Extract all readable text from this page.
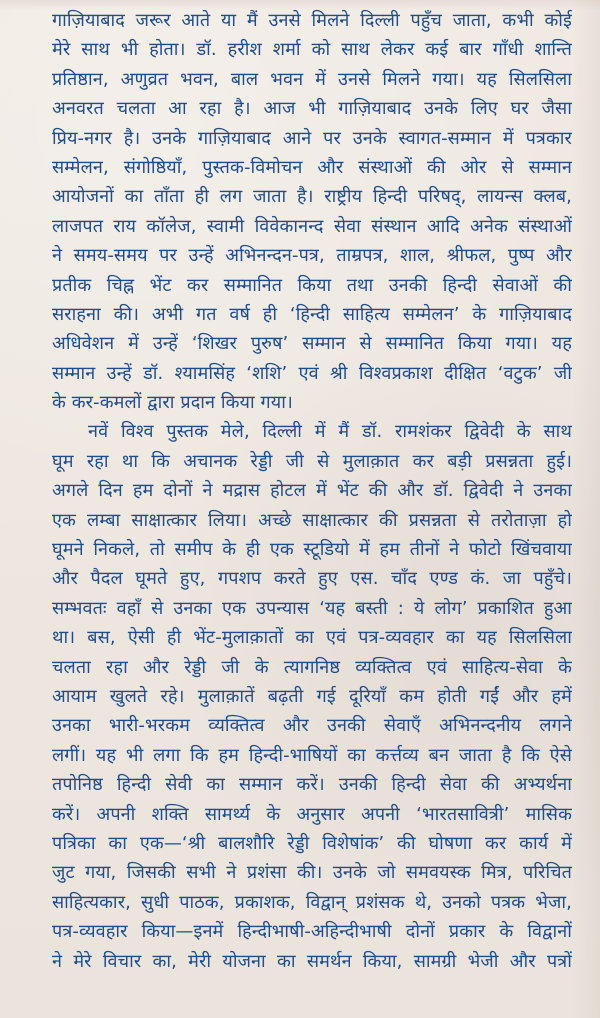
गाज़ियाबाद जरूर आते या मैं उनसे मिलने दिल्ली पहुँच जाता, कभी कोई
मेरे साथ भी होता। डॉ. हरीश शर्मा को साथ लेकर कई बार गाँधी शान्ति
प्रतिष्ठान, अणुव्रत भवन, बाल भवन में उनसे मिलने गया। यह सिलसिला
अनवरत चलता आ रहा है। आज भी गाज़ियाबाद उनके लिए घर जैसा
प्रिय-नगर है। उनके गाज़ियाबाद आने पर उनके स्वागत-सम्मान में पत्रकार
सम्मेलन, संगोष्ठियाँ, पुस्तक-विमोचन और संस्थाओं की ओर से सम्मान
आयोजनों का ताँता ही लग जाता है। राष्ट्रीय हिन्दी परिषद्, लायन्स क्लब,
लाजपत राय कॉलेज, स्वामी विवेकानन्द सेवा संस्थान आदि अनेक संस्थाओं
ने समय-समय पर उन्हें अभिनन्दन-पत्र, ताम्रपत्र, शाल, श्रीफल, पुष्प और
प्रतीक चिह्न भेंट कर सम्मानित किया तथा उनकी हिन्दी सेवाओं की
सराहना की। अभी गत वर्ष ही ‘हिन्दी साहित्य सम्मेलन’ के गाज़ियाबाद
अधिवेशन में उन्हें ‘शिखर पुरुष’ सम्मान से सम्मानित किया गया। यह
सम्मान उन्हें डॉ. श्यामसिंह ‘शशि’ एवं श्री विश्वप्रकाश दीक्षित ‘वटुक’ जी
के कर-कमलों द्वारा प्रदान किया गया।
नवें विश्व पुस्तक मेले, दिल्ली में मैं डॉ. रामशंकर द्विवेदी के साथ
घूम रहा था कि अचानक रेड्डी जी से मुलाक़ात कर बड़ी प्रसन्नता हुई।
अगले दिन हम दोनों ने मद्रास होटल में भेंट की और डॉ. द्विवेदी ने उनका
एक लम्बा साक्षात्कार लिया। अच्छे साक्षात्कार की प्रसन्नता से तरोताज़ा हो
घूमने निकले, तो समीप के ही एक स्टूडियो में हम तीनों ने फोटो खिंचवाया
और पैदल घूमते हुए, गपशप करते हुए एस. चाँद एण्ड कं. जा पहुँचे।
सम्भवतः वहाँ से उनका एक उपन्यास ‘यह बस्ती : ये लोग’ प्रकाशित हुआ
था। बस, ऐसी ही भेंट-मुलाक़ातों का एवं पत्र-व्यवहार का यह सिलसिला
चलता रहा और रेड्डी जी के त्यागनिष्ठ व्यक्तित्व एवं साहित्य-सेवा के
आयाम खुलते रहे। मुलाक़ातें बढ़ती गई दूरियाँ कम होती गईं और हमें
उनका भारी-भरकम व्यक्तित्व और उनकी सेवाएँ अभिनन्दनीय लगने
लगीं। यह भी लगा कि हम हिन्दी-भाषियों का कर्त्तव्य बन जाता है कि ऐसे
तपोनिष्ठ हिन्दी सेवी का सम्मान करें। उनकी हिन्दी सेवा की अभ्यर्थना
करें। अपनी शक्ति सामर्थ्य के अनुसार अपनी ‘भारतसावित्री’ मासिक
पत्रिका का एक—‘श्री बालशौरि रेड्डी विशेषांक’ की घोषणा कर कार्य में
जुट गया, जिसकी सभी ने प्रशंसा की। उनके जो समवयस्क मित्र, परिचित
साहित्यकार, सुधी पाठक, प्रकाशक, विद्वान् प्रशंसक थे, उनको पत्रक भेजा,
पत्र-व्यवहार किया—इनमें हिन्दीभाषी-अहिन्दीभाषी दोनों प्रकार के विद्वानों
ने मेरे विचार का, मेरी योजना का समर्थन किया, सामग्री भेजी और पत्रों
